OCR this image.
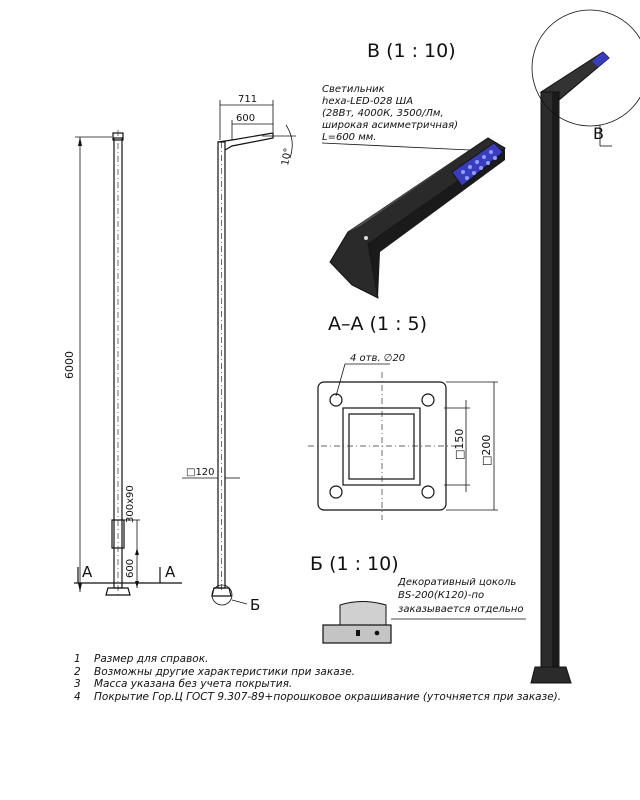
А	А
6000
300х90
600
711
600
10°
□120
Б
В (1 : 10)
Светильник
hexa-LED-028 ША
(28Вт, 4000К, 3500/Лм,
широкая асимметричная)
L=600 мм.
А–А (1 : 5)
4 отв. ∅20
□150 □200
Б (1 : 10)
Декоративный цоколь
BS-200(К120)-по
заказывается отдельно
В
1 Размер для справок.
2 Возможны другие характеристики при заказе.
3 Масса указана без учета покрытия.
4 Покрытие Гор.Ц ГОСТ 9.307-89+порошковое окрашивание (уточняется при заказе).
